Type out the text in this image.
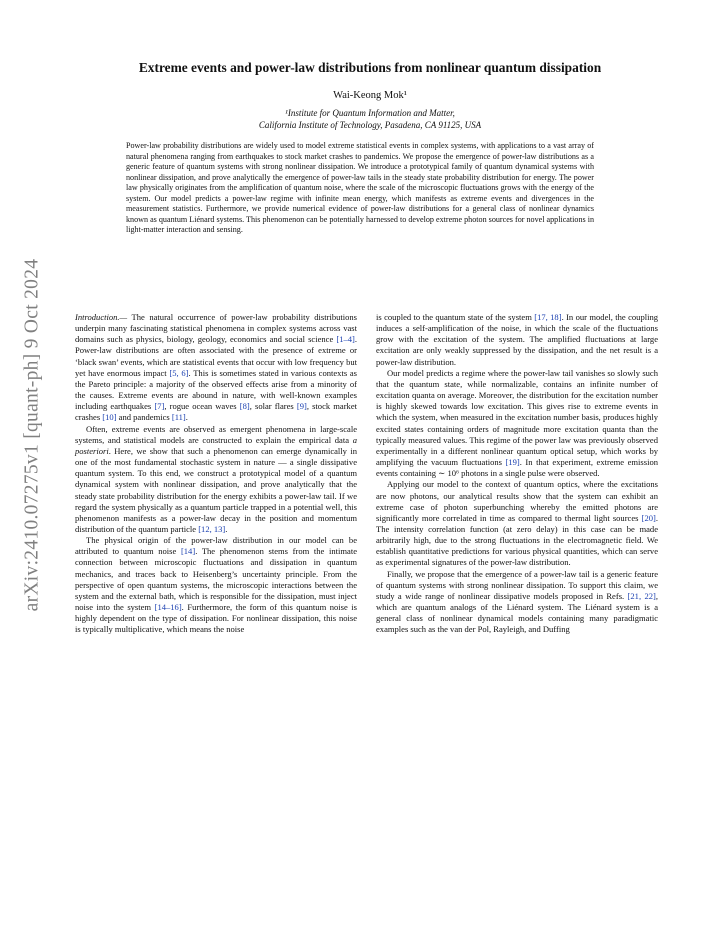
arXiv:2410.07275v1 [quant-ph] 9 Oct 2024
Extreme events and power-law distributions from nonlinear quantum dissipation
Wai-Keong Mok¹
¹Institute for Quantum Information and Matter,
California Institute of Technology, Pasadena, CA 91125, USA
Power-law probability distributions are widely used to model extreme statistical events in complex systems, with applications to a vast array of natural phenomena ranging from earthquakes to stock market crashes to pandemics. We propose the emergence of power-law distributions as a generic feature of quantum systems with strong nonlinear dissipation. We introduce a prototypical family of quantum dynamical systems with nonlinear dissipation, and prove analytically the emergence of power-law tails in the steady state probability distribution for energy. The power law physically originates from the amplification of quantum noise, where the scale of the microscopic fluctuations grows with the energy of the system. Our model predicts a power-law regime with infinite mean energy, which manifests as extreme events and divergences in the measurement statistics. Furthermore, we provide numerical evidence of power-law distributions for a general class of nonlinear dynamics known as quantum Liénard systems. This phenomenon can be potentially harnessed to develop extreme photon sources for novel applications in light-matter interaction and sensing.

Introduction.— The natural occurrence of power-law probability distributions underpin many fascinating statistical phenomena in complex systems across vast domains such as physics, biology, geology, economics and social science [1–4]. Power-law distributions are often associated with the presence of extreme or ‘black swan’ events, which are statistical events that occur with low frequency but yet have enormous impact [5, 6]. This is sometimes stated in various contexts as the Pareto principle: a majority of the observed effects arise from a minority of the causes. Extreme events are abound in nature, with well-known examples including earthquakes [7], rogue ocean waves [8], solar flares [9], stock market crashes [10] and pandemics [11].

Often, extreme events are observed as emergent phenomena in large-scale systems, and statistical models are constructed to explain the empirical data a posteriori. Here, we show that such a phenomenon can emerge dynamically in one of the most fundamental stochastic system in nature — a single dissipative quantum system. To this end, we construct a prototypical model of a quantum dynamical system with nonlinear dissipation, and prove analytically that the steady state probability distribution for the energy exhibits a power-law tail. If we regard the system physically as a quantum particle trapped in a potential well, this phenomenon manifests as a power-law decay in the position and momentum distribution of the quantum particle [12, 13].

The physical origin of the power-law distribution in our model can be attributed to quantum noise [14]. The phenomenon stems from the intimate connection between microscopic fluctuations and dissipation in quantum mechanics, and traces back to Heisenberg’s uncertainty principle. From the perspective of open quantum systems, the microscopic interactions between the system and the external bath, which is responsible for the dissipation, must inject noise into the system [14–16]. Furthermore, the form of this quantum noise is highly dependent on the type of dissipation. For nonlinear dissipation, this noise is typically multiplicative, which means the noise

is coupled to the quantum state of the system [17, 18]. In our model, the coupling induces a self-amplification of the noise, in which the scale of the fluctuations grow with the excitation of the system. The amplified fluctuations at large excitation are only weakly suppressed by the dissipation, and the net result is a power-law distribution.

Our model predicts a regime where the power-law tail vanishes so slowly such that the quantum state, while normalizable, contains an infinite number of excitation quanta on average. Moreover, the distribution for the excitation number is highly skewed towards low excitation. This gives rise to extreme events in which the system, when measured in the excitation number basis, produces highly excited states containing orders of magnitude more excitation quanta than the typically measured values. This regime of the power law was previously observed experimentally in a different nonlinear quantum optical setup, which works by amplifying the vacuum fluctuations [19]. In that experiment, extreme emission events containing ∼ 10⁶ photons in a single pulse were observed.

Applying our model to the context of quantum optics, where the excitations are now photons, our analytical results show that the system can exhibit an extreme case of photon superbunching whereby the emitted photons are significantly more correlated in time as compared to thermal light sources [20]. The intensity correlation function (at zero delay) in this case can be made arbitrarily high, due to the strong fluctuations in the electromagnetic field. We establish quantitative predictions for various physical quantities, which can serve as experimental signatures of the power-law distribution.

Finally, we propose that the emergence of a power-law tail is a generic feature of quantum systems with strong nonlinear dissipation. To support this claim, we study a wide range of nonlinear dissipative models proposed in Refs. [21, 22], which are quantum analogs of the Liénard system. The Liénard system is a general class of nonlinear dynamical models containing many paradigmatic examples such as the van der Pol, Rayleigh, and Duffing
